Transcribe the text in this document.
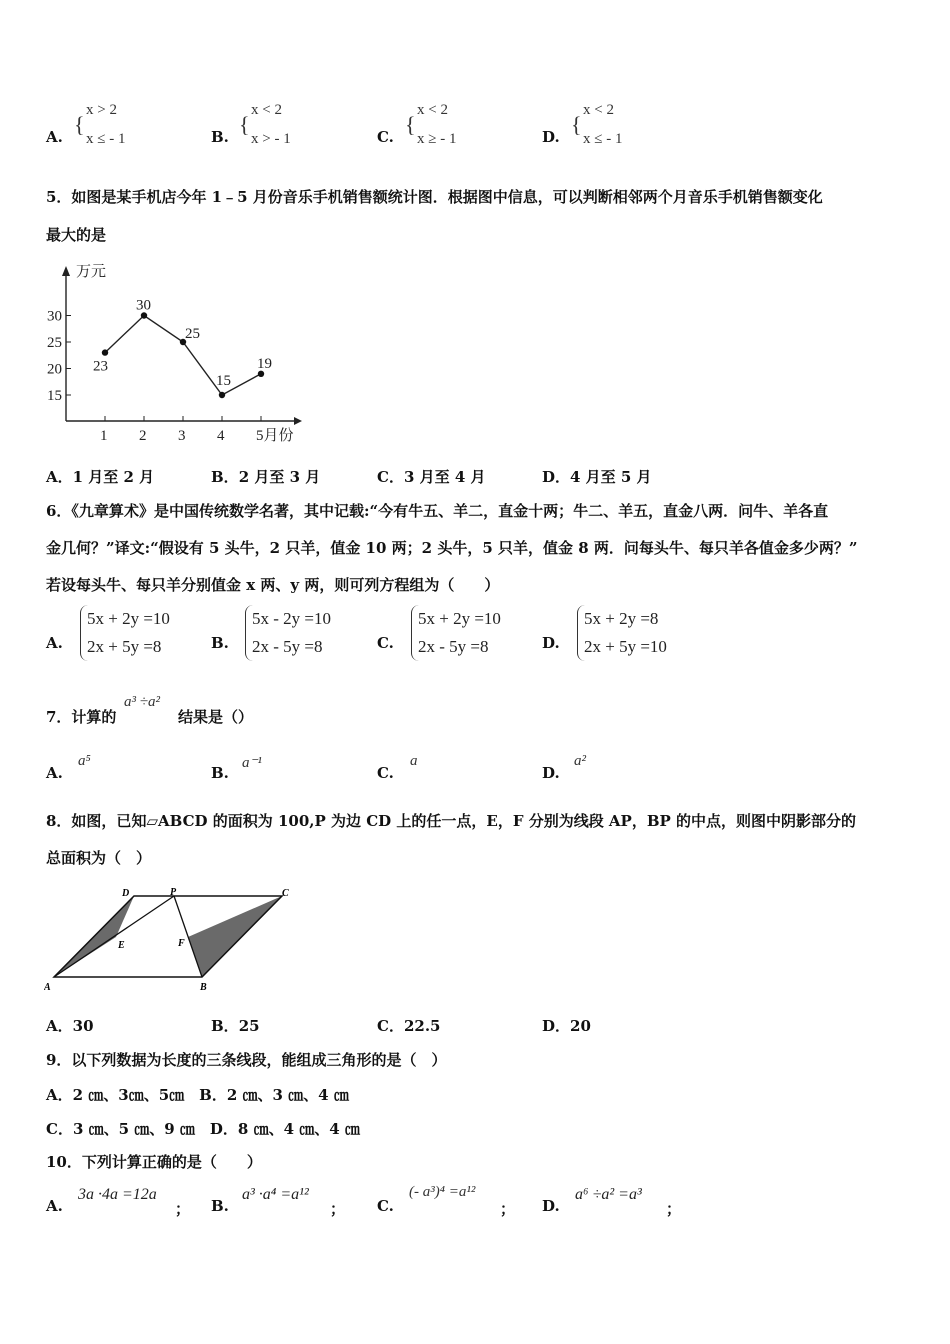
A. {
x > 2
x ≤ - 1	B. {
x < 2
x > - 1	C. {
x < 2
x ≥ - 1	D. {
x < 2
x ≤ - 1
5．如图是某手机店今年 1﹣5 月份音乐手机销售额统计图．根据图中信息，可以判断相邻两个月音乐手机销售额变化
最大的是
万元
30
25
20
15
1 2 3 4 5月份
23
30
25
15
19
A．1 月至 2 月	B．2 月至 3 月	C．3 月至 4 月	D．4 月至 5 月
6．《九章算术》是中国传统数学名著，其中记载:“今有牛五、羊二，直金十两；牛二、羊五，直金八两．问牛、羊各直
金几何？”译文:“假设有 5 头牛，2 只羊，值金 10 两；2 头牛，5 只羊，值金 8 两．问每头牛、每只羊各值金多少两？”
若设每头牛、每只羊分别值金 x 两、y 两，则可列方程组为（　　）
A.
5x + 2y =10
2x + 5y =8	B.
5x - 2y =10
2x - 5y =8	C.
5x + 2y =10
2x - 5y =8	D.
5x + 2y =8
2x + 5y =10
7．计算的
a³ ÷a²
结果是（）
A.
a⁵
B.
a⁻¹
C.
a
D.
a²
8．如图，已知▱ABCD 的面积为 100,P 为边 CD 上的任一点，E，F 分别为线段 AP，BP 的中点，则图中阴影部分的
总面积为（　）
A	B
C
D	P
E	F
A．30	B．25	C．22.5	D．20
9．以下列数据为长度的三条线段，能组成三角形的是（　）
A．2 ㎝、3㎝、5㎝　B．2 ㎝、3 ㎝、4 ㎝
C．3 ㎝、5 ㎝、9 ㎝　D．8 ㎝、4 ㎝、4 ㎝
10．下列计算正确的是（　　）
A.
3a ·4a =12a
； B.
a³ ·a⁴ =a¹²
； C.
(- a³)⁴ =a¹²
； D.
a⁶ ÷a² =a³
；
